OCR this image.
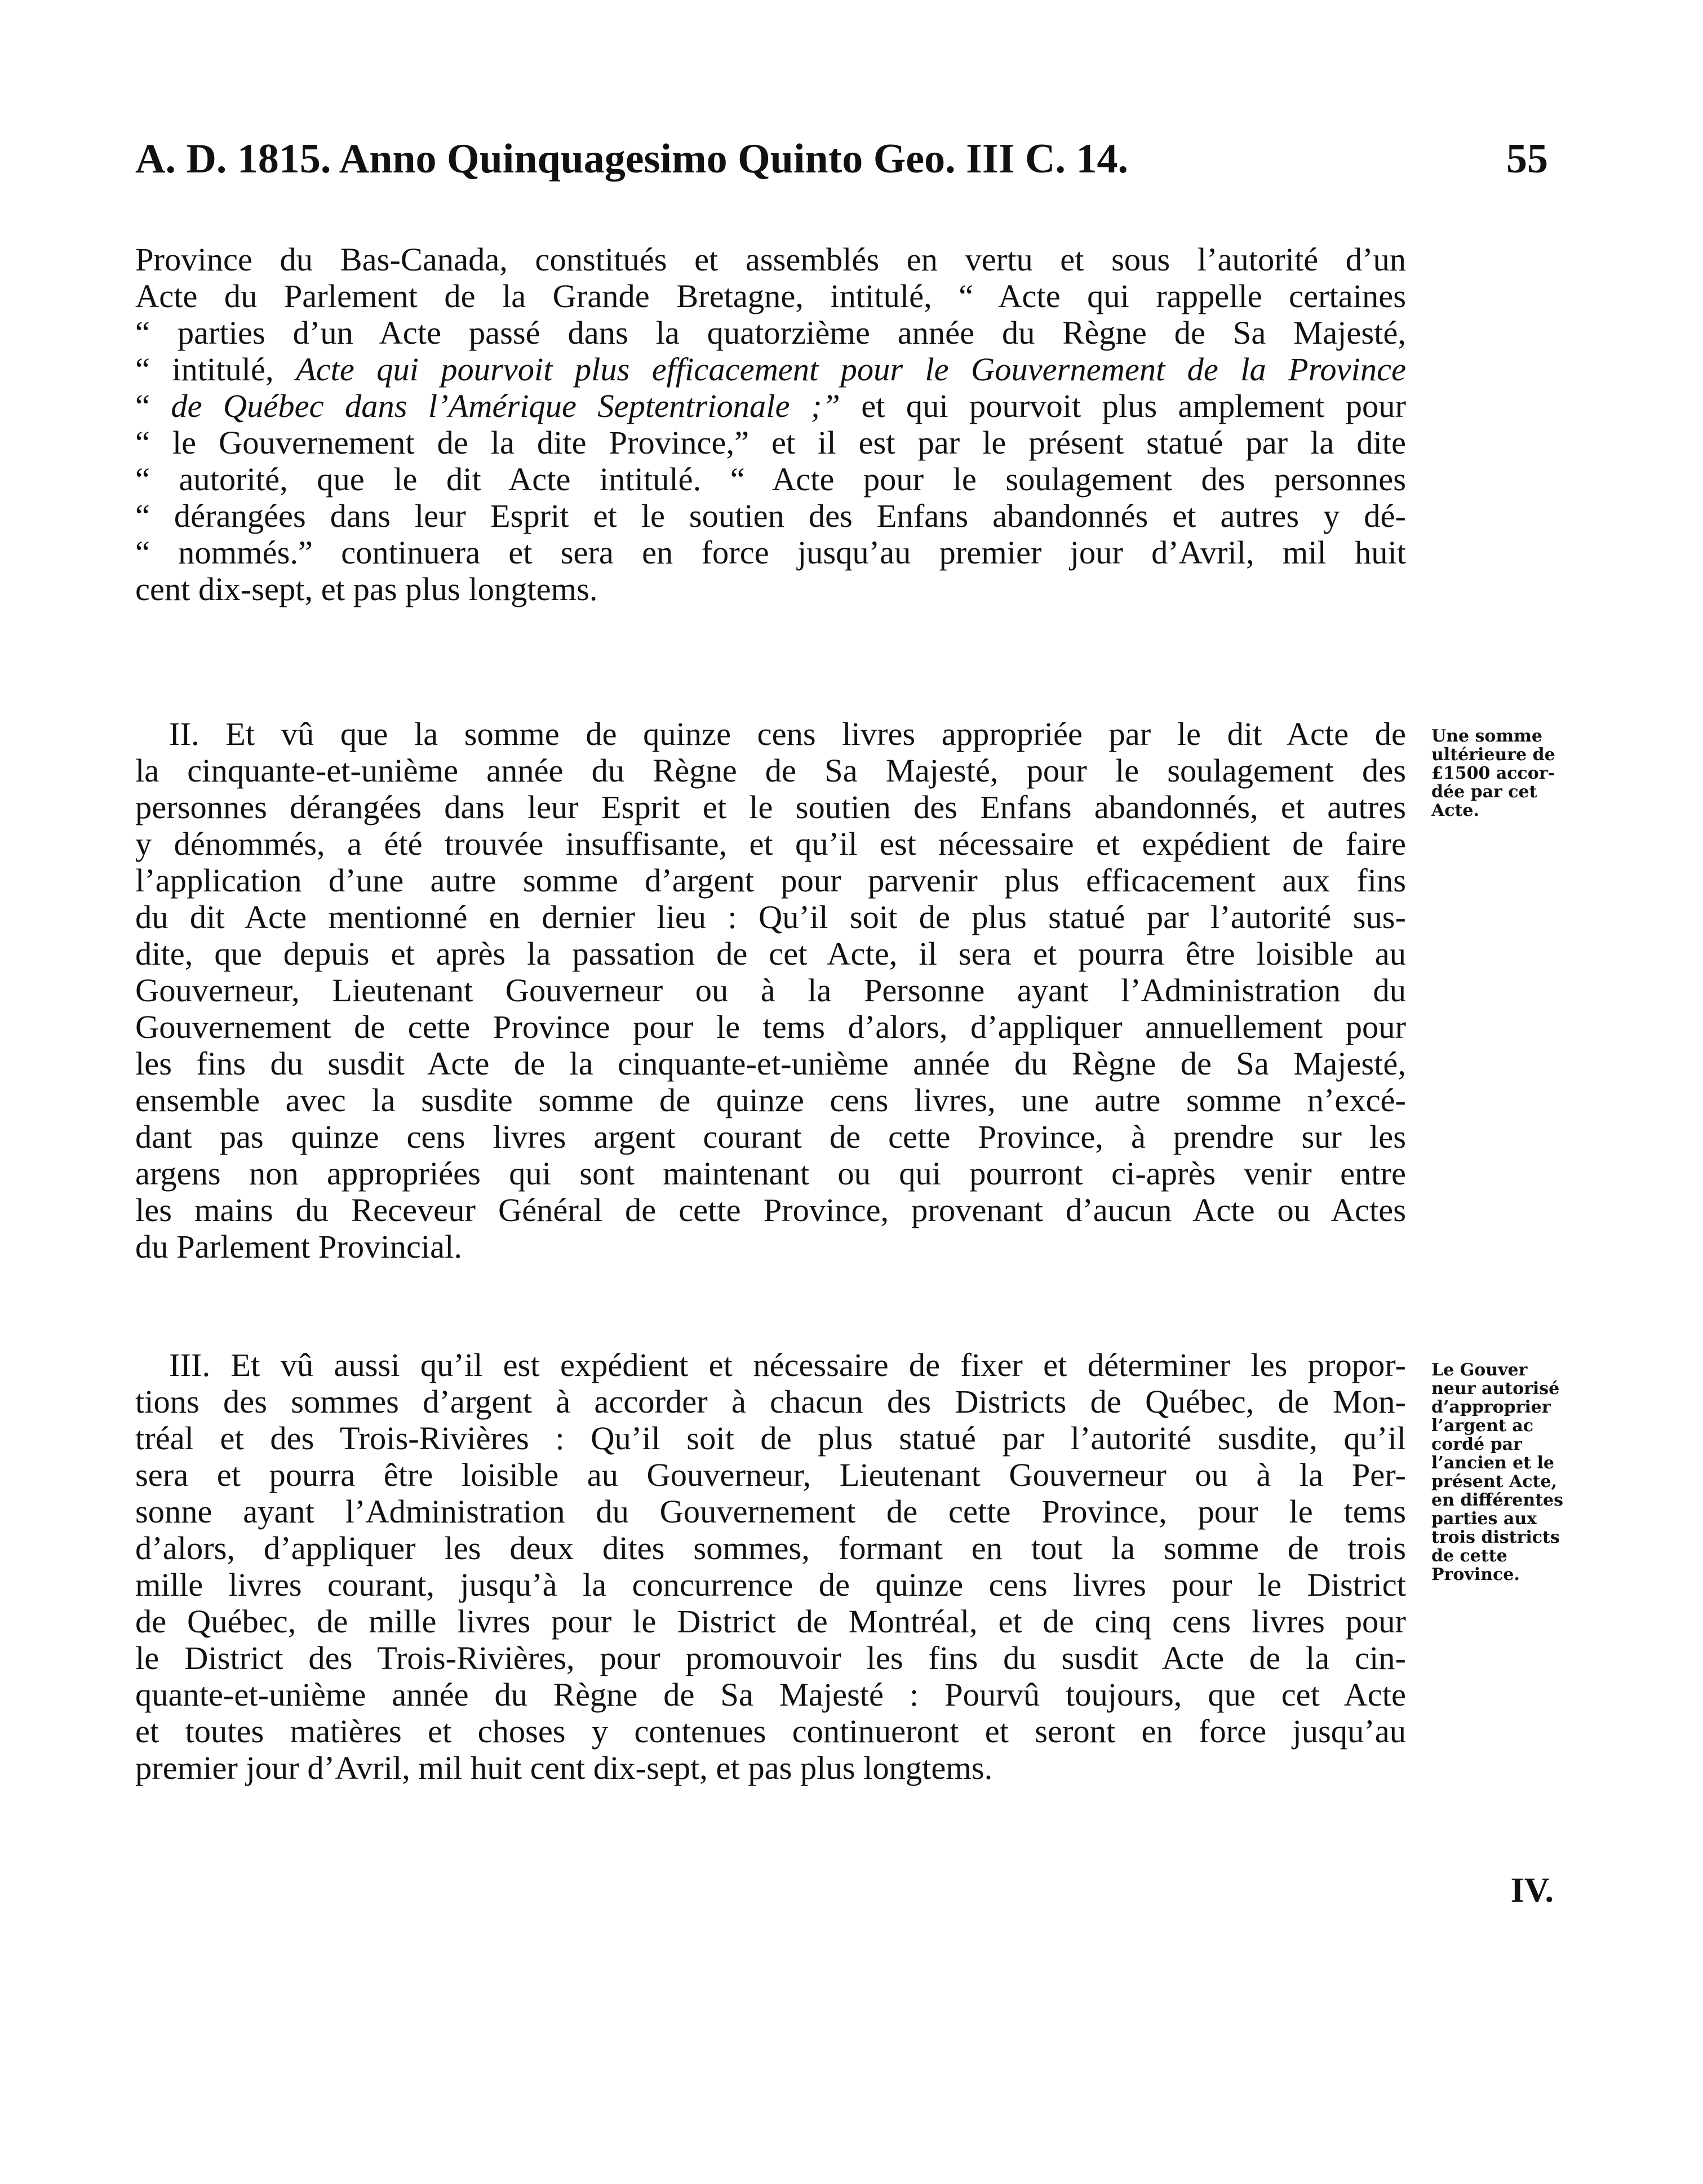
A. D. 1815. Anno Quinquagesimo Quinto Geo. III C. 14.	55
Province du Bas-Canada, constitués et assemblés en vertu et sous l’autorité d’un
Acte du Parlement de la Grande Bretagne, intitulé, “ Acte qui rappelle certaines
“ parties d’un Acte passé dans la quatorzième année du Règne de Sa Majesté,
“ intitulé, Acte qui pourvoit plus efficacement pour le Gouvernement de la Province
“ de Québec dans l’Amérique Septentrionale ;” et qui pourvoit plus amplement pour
“ le Gouvernement de la dite Province,” et il est par le présent statué par la dite
“ autorité, que le dit Acte intitulé. “ Acte pour le soulagement des personnes
“ dérangées dans leur Esprit et le soutien des Enfans abandonnés et autres y dé-
“ nommés.” continuera et sera en force jusqu’au premier jour d’Avril, mil huit
cent dix-sept, et pas plus longtems.
II. Et vû que la somme de quinze cens livres appropriée par le dit Acte de
la cinquante-et-unième année du Règne de Sa Majesté, pour le soulagement des
personnes dérangées dans leur Esprit et le soutien des Enfans abandonnés, et autres
y dénommés, a été trouvée insuffisante, et qu’il est nécessaire et expédient de faire
l’application d’une autre somme d’argent pour parvenir plus efficacement aux fins
du dit Acte mentionné en dernier lieu : Qu’il soit de plus statué par l’autorité sus-
dite, que depuis et après la passation de cet Acte, il sera et pourra être loisible au
Gouverneur, Lieutenant Gouverneur ou à la Personne ayant l’Administration du
Gouvernement de cette Province pour le tems d’alors, d’appliquer annuellement pour
les fins du susdit Acte de la cinquante-et-unième année du Règne de Sa Majesté,
ensemble avec la susdite somme de quinze cens livres, une autre somme n’excé-
dant pas quinze cens livres argent courant de cette Province, à prendre sur les
argens non appropriées qui sont maintenant ou qui pourront ci-après venir entre
les mains du Receveur Général de cette Province, provenant d’aucun Acte ou Actes
du Parlement Provincial.
Une somme
ultérieure de
£1500 accor-
dée par cet
Acte.
III. Et vû aussi qu’il est expédient et nécessaire de fixer et déterminer les propor-
tions des sommes d’argent à accorder à chacun des Districts de Québec, de Mon-
tréal et des Trois-Rivières : Qu’il soit de plus statué par l’autorité susdite, qu’il
sera et pourra être loisible au Gouverneur, Lieutenant Gouverneur ou à la Per-
sonne ayant l’Administration du Gouvernement de cette Province, pour le tems
d’alors, d’appliquer les deux dites sommes, formant en tout la somme de trois
mille livres courant, jusqu’à la concurrence de quinze cens livres pour le District
de Québec, de mille livres pour le District de Montréal, et de cinq cens livres pour
le District des Trois-Rivières, pour promouvoir les fins du susdit Acte de la cin-
quante-et-unième année du Règne de Sa Majesté : Pourvû toujours, que cet Acte
et toutes matières et choses y contenues continueront et seront en force jusqu’au
premier jour d’Avril, mil huit cent dix-sept, et pas plus longtems.
Le Gouver
neur autorisé
d’approprier
l’argent ac
cordé par
l’ancien et le
présent Acte,
en différentes
parties aux
trois districts
de cette
Province.
IV.
